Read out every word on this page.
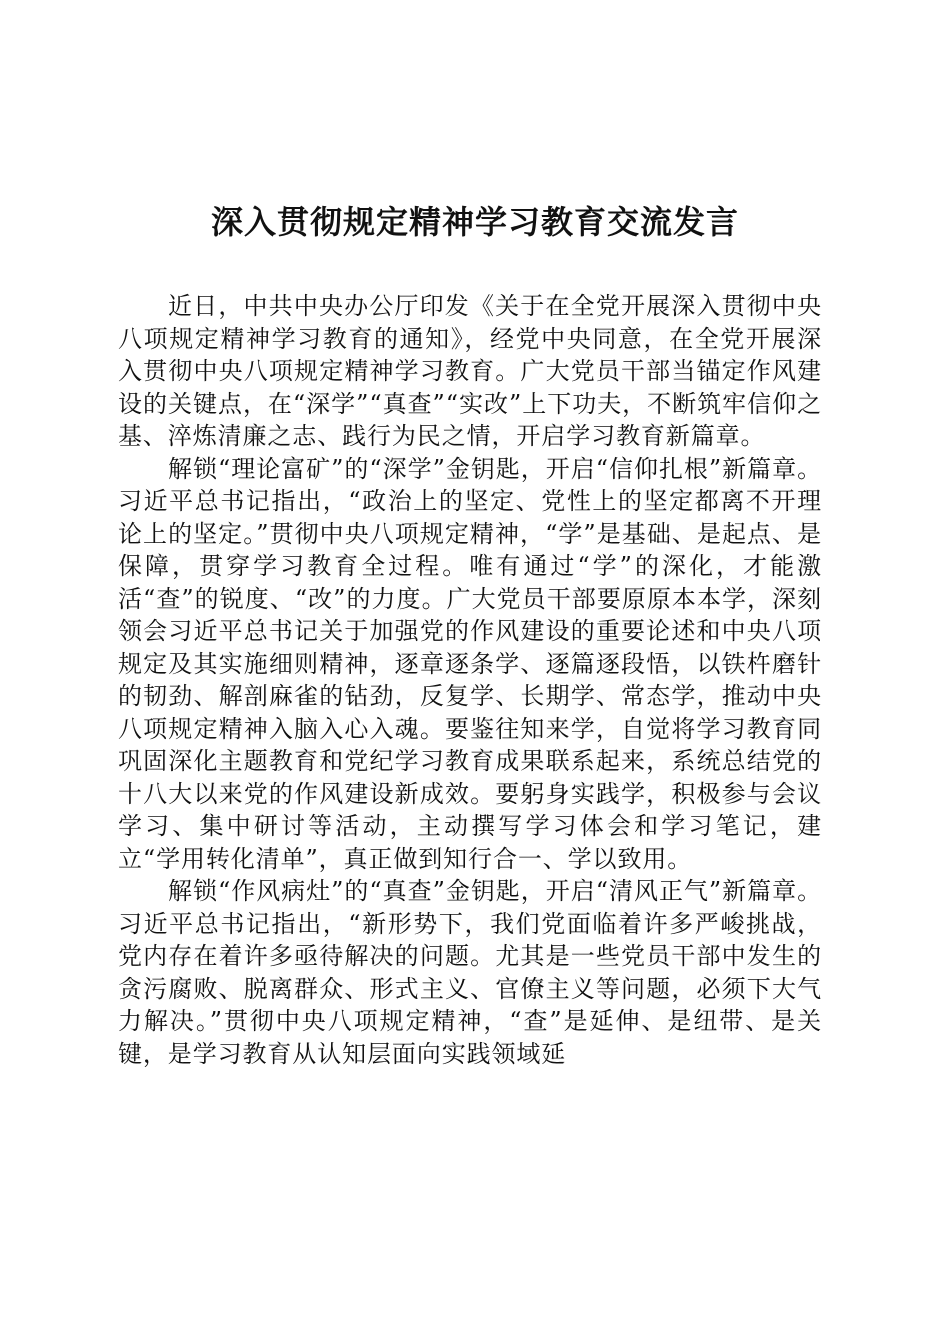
深入贯彻规定精神学习教育交流发言

近日，中共中央办公厅印发《关于在全党开展深入贯彻中央八项规定精神学习教育的通知》，经党中央同意，在全党开展深入贯彻中央八项规定精神学习教育。广大党员干部当锚定作风建设的关键点，在“深学”“真查”“实改”上下功夫，不断筑牢信仰之基、淬炼清廉之志、践行为民之情，开启学习教育新篇章。

解锁“理论富矿”的“深学”金钥匙，开启“信仰扎根”新篇章。习近平总书记指出，“政治上的坚定、党性上的坚定都离不开理论上的坚定。”贯彻中央八项规定精神，“学”是基础、是起点、是保障，贯穿学习教育全过程。唯有通过“学”的深化，才能激活“查”的锐度、“改”的力度。广大党员干部要原原本本学，深刻领会习近平总书记关于加强党的作风建设的重要论述和中央八项规定及其实施细则精神，逐章逐条学、逐篇逐段悟，以铁杵磨针的韧劲、解剖麻雀的钻劲，反复学、长期学、常态学，推动中央八项规定精神入脑入心入魂。要鉴往知来学，自觉将学习教育同巩固深化主题教育和党纪学习教育成果联系起来，系统总结党的十八大以来党的作风建设新成效。要躬身实践学，积极参与会议学习、集中研讨等活动，主动撰写学习体会和学习笔记，建立“学用转化清单”，真正做到知行合一、学以致用。

解锁“作风病灶”的“真查”金钥匙，开启“清风正气”新篇章。习近平总书记指出，“新形势下，我们党面临着许多严峻挑战，党内存在着许多亟待解决的问题。尤其是一些党员干部中发生的贪污腐败、脱离群众、形式主义、官僚主义等问题，必须下大气力解决。”贯彻中央八项规定精神，“查”是延伸、是纽带、是关键，是学习教育从认知层面向实践领域延
